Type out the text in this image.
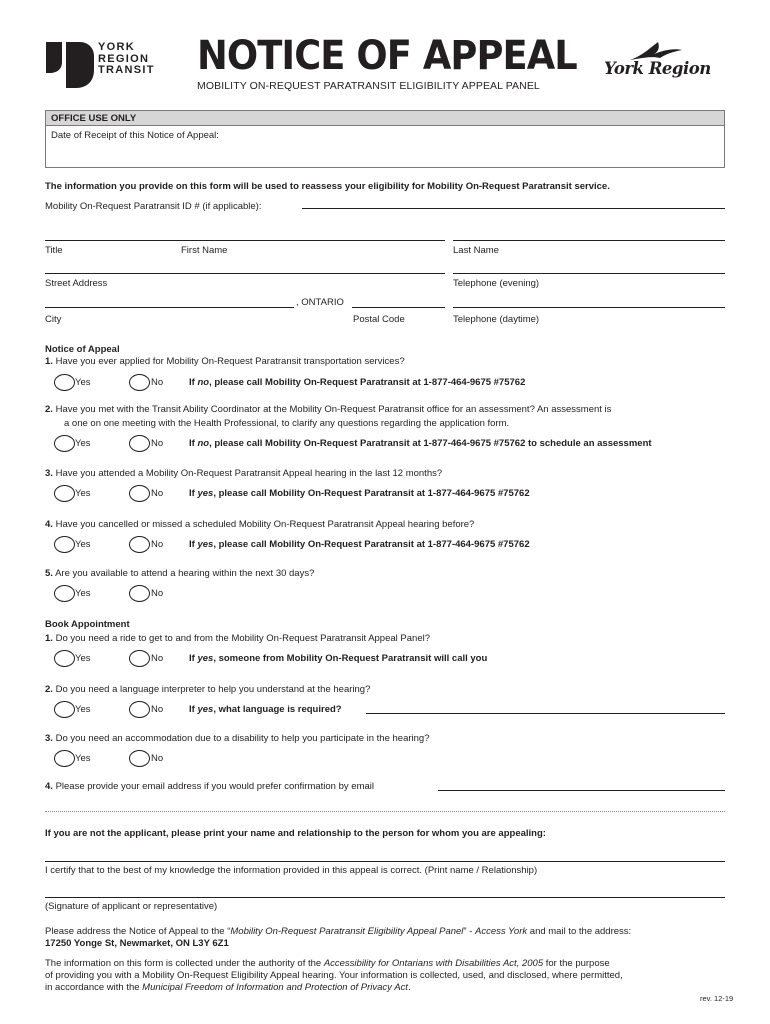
YORK
REGION
TRANSIT NOTICE OF APPEAL
MOBILITY ON-REQUEST PARATRANSIT ELIGIBILITY APPEAL PANEL
York Region
OFFICE USE ONLY
Date of Receipt of this Notice of Appeal:
The information you provide on this form will be used to reassess your eligibility for Mobility On-Request Paratransit service.
Mobility On-Request Paratransit ID # (if applicable):
Title	First Name	Last Name
Street Address	Telephone (evening)
, ONTARIO
City	Postal Code	Telephone (daytime)
Notice of Appeal
1. Have you ever applied for Mobility On-Request Paratransit transportation services?
Yes	No	If no, please call Mobility On-Request Paratransit at 1-877-464-9675 #75762
2. Have you met with the Transit Ability Coordinator at the Mobility On-Request Paratransit office for an assessment? An assessment is
a one on one meeting with the Health Professional, to clarify any questions regarding the application form.
Yes	No	If no, please call Mobility On-Request Paratransit at 1-877-464-9675 #75762 to schedule an assessment
3. Have you attended a Mobility On-Request Paratransit Appeal hearing in the last 12 months?
Yes	No	If yes, please call Mobility On-Request Paratransit at 1-877-464-9675 #75762
4. Have you cancelled or missed a scheduled Mobility On-Request Paratransit Appeal hearing before?
Yes	No	If yes, please call Mobility On-Request Paratransit at 1-877-464-9675 #75762
5. Are you available to attend a hearing within the next 30 days?
Yes	No
Book Appointment
1. Do you need a ride to get to and from the Mobility On-Request Paratransit Appeal Panel?
Yes	No	If yes, someone from Mobility On-Request Paratransit will call you
2. Do you need a language interpreter to help you understand at the hearing?
Yes	No	If yes, what language is required?
3. Do you need an accommodation due to a disability to help you participate in the hearing?
Yes	No
4. Please provide your email address if you would prefer confirmation by email
If you are not the applicant, please print your name and relationship to the person for whom you are appealing:
I certify that to the best of my knowledge the information provided in this appeal is correct. (Print name / Relationship)
(Signature of applicant or representative)
Please address the Notice of Appeal to the “Mobility On-Request Paratransit Eligibility Appeal Panel” - Access York and mail to the address:
17250 Yonge St, Newmarket, ON L3Y 6Z1
The information on this form is collected under the authority of the Accessibility for Ontarians with Disabilities Act, 2005 for the purpose
of providing you with a Mobility On-Request Eligibility Appeal hearing. Your information is collected, used, and disclosed, where permitted,
in accordance with the Municipal Freedom of Information and Protection of Privacy Act.
rev. 12-19
